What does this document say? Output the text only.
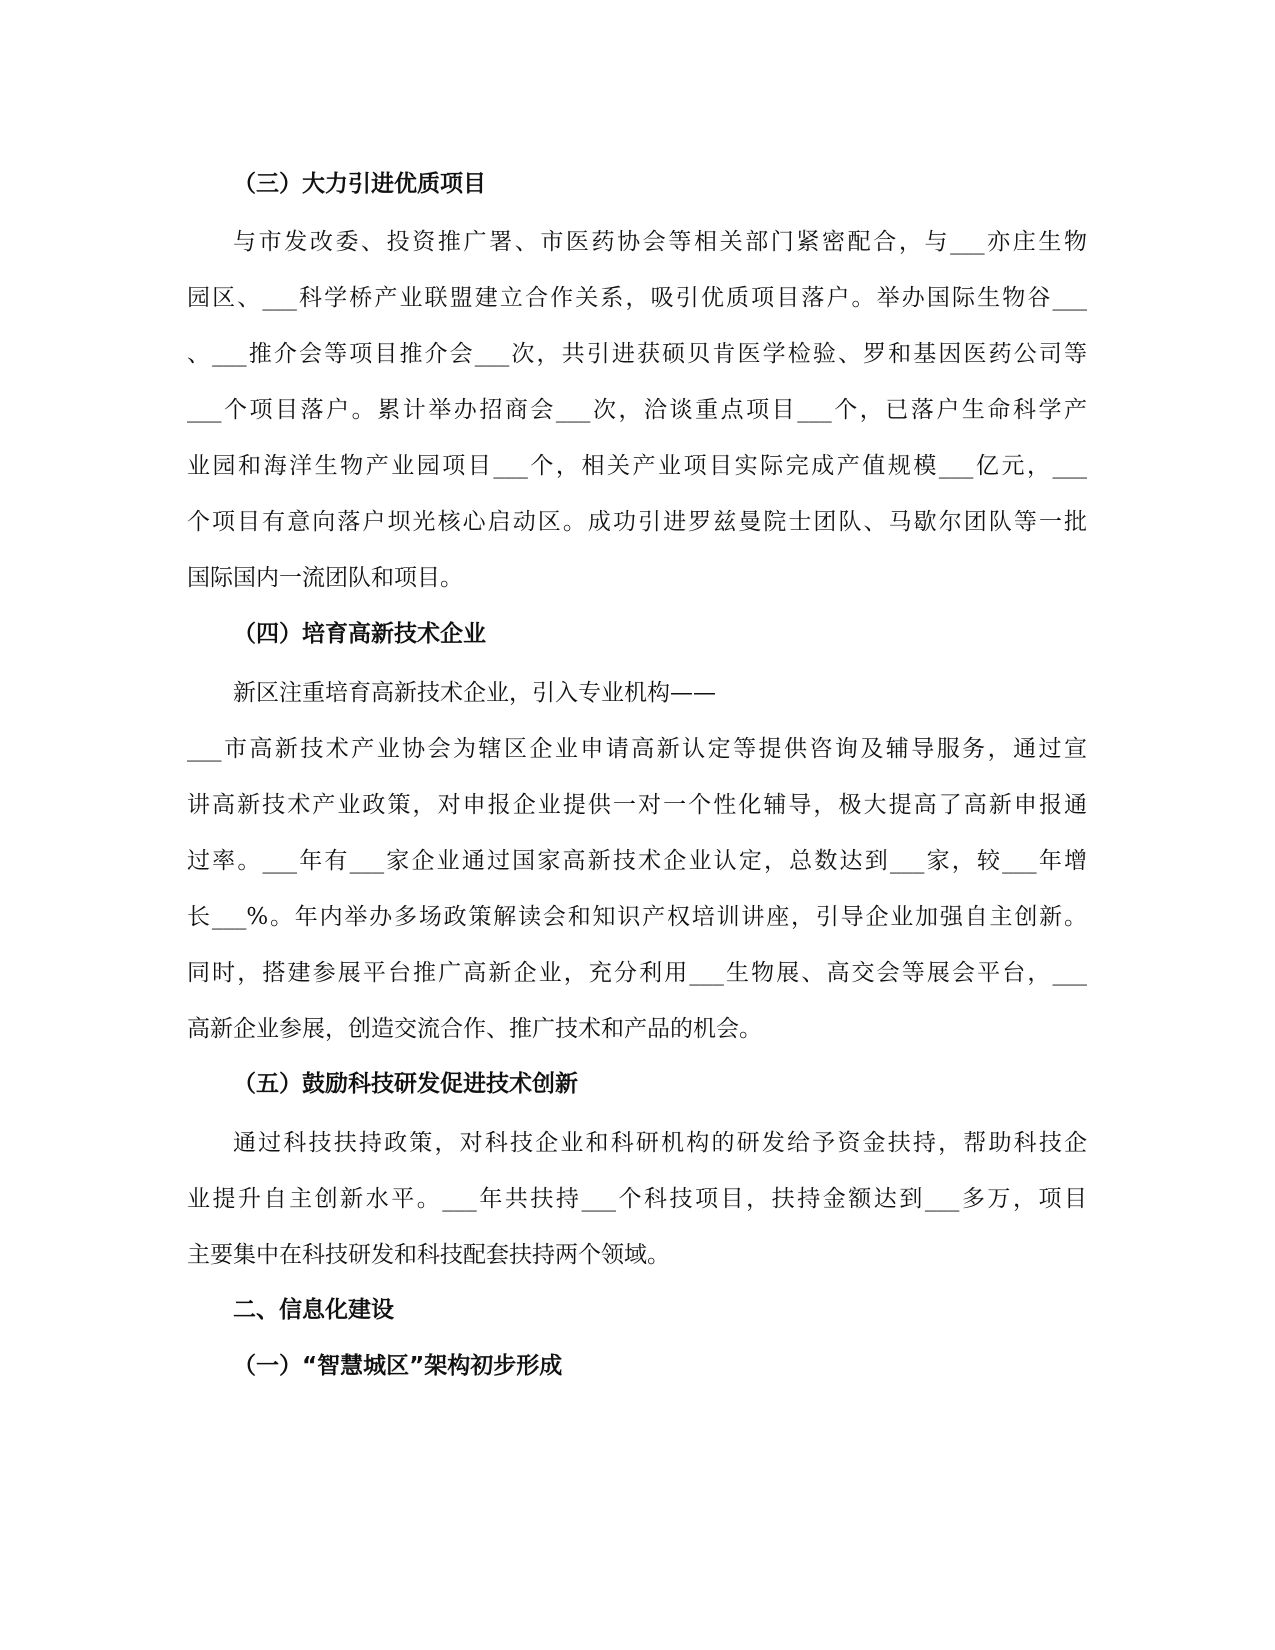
（三）大力引进优质项目
与市发改委、投资推广署、市医药协会等相关部门紧密配合，与___亦庄生物
园区、___科学桥产业联盟建立合作关系，吸引优质项目落户。举办国际生物谷___
、___推介会等项目推介会___次，共引进获硕贝肯医学检验、罗和基因医药公司等
___个项目落户。累计举办招商会___次，洽谈重点项目___个，已落户生命科学产
业园和海洋生物产业园项目___个，相关产业项目实际完成产值规模___亿元，___
个项目有意向落户坝光核心启动区。成功引进罗兹曼院士团队、马歇尔团队等一批
国际国内一流团队和项目。
（四）培育高新技术企业
新区注重培育高新技术企业，引入专业机构——
___市高新技术产业协会为辖区企业申请高新认定等提供咨询及辅导服务，通过宣
讲高新技术产业政策，对申报企业提供一对一个性化辅导，极大提高了高新申报通
过率。___年有___家企业通过国家高新技术企业认定，总数达到___家，较___年增
长___%。年内举办多场政策解读会和知识产权培训讲座，引导企业加强自主创新。
同时，搭建参展平台推广高新企业，充分利用___生物展、高交会等展会平台，___
高新企业参展，创造交流合作、推广技术和产品的机会。
（五）鼓励科技研发促进技术创新
通过科技扶持政策，对科技企业和科研机构的研发给予资金扶持，帮助科技企
业提升自主创新水平。___年共扶持___个科技项目，扶持金额达到___多万，项目
主要集中在科技研发和科技配套扶持两个领域。
二、信息化建设
（一）“智慧城区”架构初步形成
